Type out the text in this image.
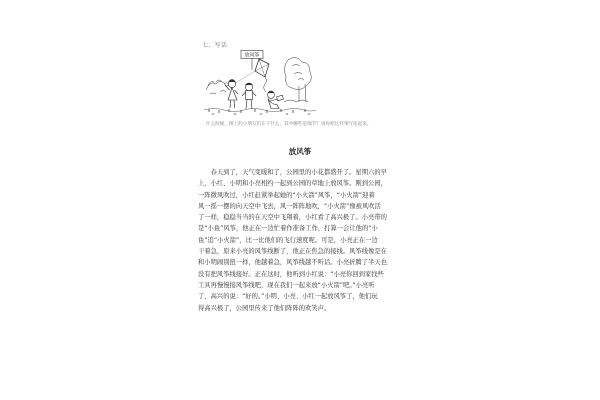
七、写话
放风筝
什么时候，图上的小朋友们在干什么，其中哪些是细节？请你把这件事写连起来。
放风筝

　　春天到了，天气变暖和了，公园里的小花都盛开了。星期六的早

上，小红、小明和小亮相约一起到公园的草地上放风筝。刚到公园，

一阵微风吹过，小红赶紧举起她的“小火箭”风筝，“小火箭”迎着

风一摇一摆的向天空中飞去，风一阵阵地吹，“小火箭”像被风吹活

了一样，稳稳当当的在天空中飞翔着，小红看了高兴极了。小亮带的

是“小鱼”风筝，他正在一边忙着作准备工作，打算一会让他的“小

鱼”追“小火箭”，比一比他们的飞行速度呢。可是，小亮正在一边

干着急，原来小亮的风筝线断了，他正在焦急的接线。风筝线像是在

和小明闹别扭一样，他越着急，风筝线越不听话。小亮折腾了半天也

没有把风筝线接好。正在这时，他听到小红说：“小亮你回到家找些

工具再慢慢接风筝线吧，现在我们一起来放“小火箭”吧。”小亮听

了，高兴的说：“好的。”小明、小亮、小红一起放风筝了，他们玩

得高兴极了，公园里传来了他们阵阵的欢笑声。
